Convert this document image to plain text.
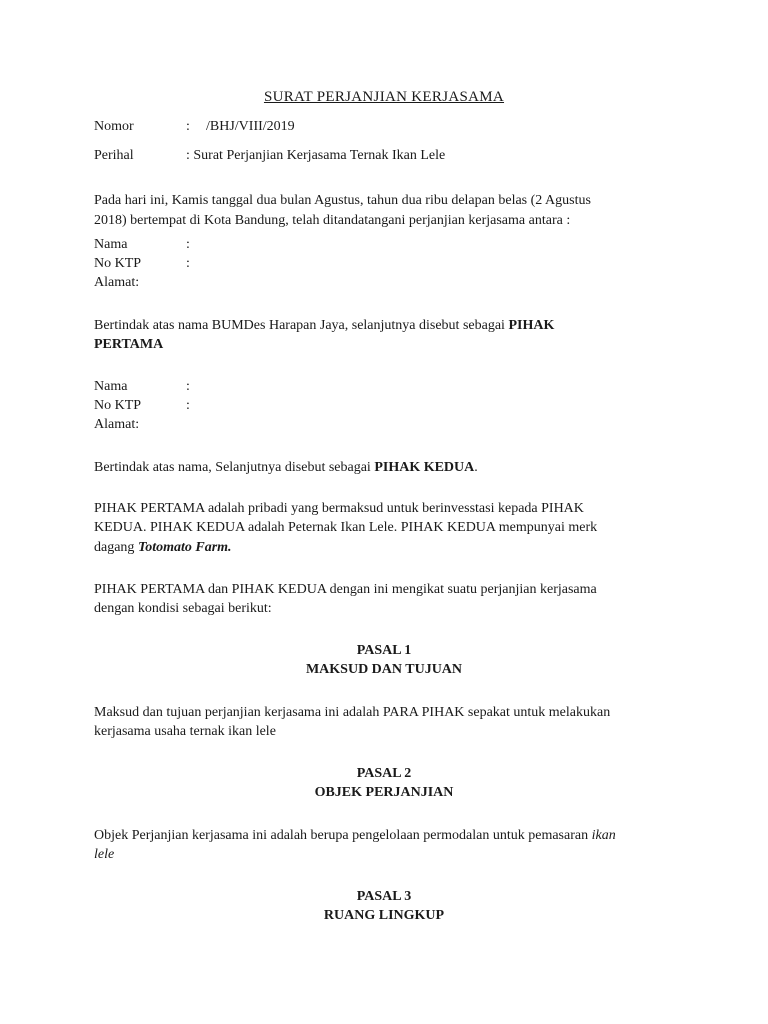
SURAT PERJANJIAN KERJASAMA
Nomor	: /BHJ/VIII/2019
Perihal	: Surat Perjanjian Kerjasama Ternak Ikan Lele
Pada hari ini, Kamis tanggal dua bulan Agustus, tahun dua ribu delapan belas (2 Agustus
2018) bertempat di Kota Bandung, telah ditandatangani perjanjian kerjasama antara :
Nama	:
No KTP	:
Alamat:
Bertindak atas nama BUMDes Harapan Jaya, selanjutnya disebut sebagai PIHAK
PERTAMA
Nama	:
No KTP	:
Alamat:
Bertindak atas nama, Selanjutnya disebut sebagai PIHAK KEDUA.
PIHAK PERTAMA adalah pribadi yang bermaksud untuk berinvesstasi kepada PIHAK
KEDUA. PIHAK KEDUA adalah Peternak Ikan Lele. PIHAK KEDUA mempunyai merk
dagang Totomato Farm.
PIHAK PERTAMA dan PIHAK KEDUA dengan ini mengikat suatu perjanjian kerjasama
dengan kondisi sebagai berikut:
PASAL 1
MAKSUD DAN TUJUAN
Maksud dan tujuan perjanjian kerjasama ini adalah PARA PIHAK sepakat untuk melakukan
kerjasama usaha ternak ikan lele
PASAL 2
OBJEK PERJANJIAN
Objek Perjanjian kerjasama ini adalah berupa pengelolaan permodalan untuk pemasaran ikan
lele
PASAL 3
RUANG LINGKUP
